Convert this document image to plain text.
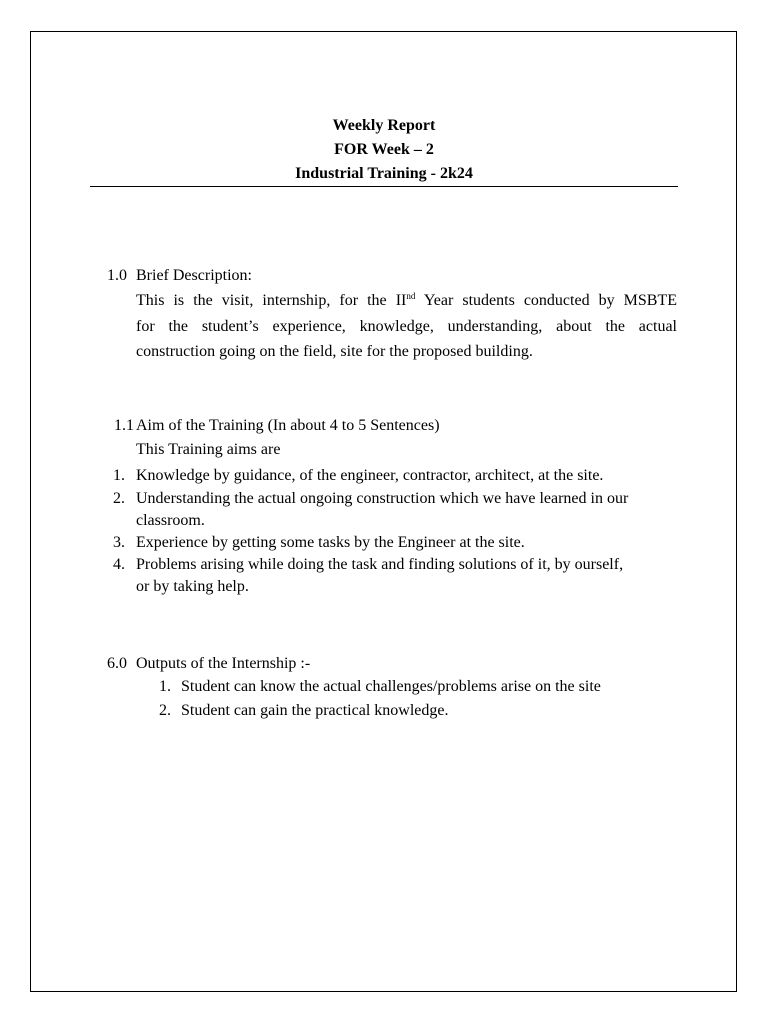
Weekly Report
FOR Week – 2
Industrial Training - 2k24
1.0 Brief Description:
This is the visit, internship, for the IInd Year students conducted by MSBTE
for the student’s experience, knowledge, understanding, about the actual
construction going on the field, site for the proposed building.
1.1 Aim of the Training (In about 4 to 5 Sentences)
This Training aims are
1. Knowledge by guidance, of the engineer, contractor, architect, at the site.
2. Understanding the actual ongoing construction which we have learned in our
classroom.
3. Experience by getting some tasks by the Engineer at the site.
4. Problems arising while doing the task and finding solutions of it, by ourself,
or by taking help.
6.0 Outputs of the Internship :-
1. Student can know the actual challenges/problems arise on the site
2. Student can gain the practical knowledge.
